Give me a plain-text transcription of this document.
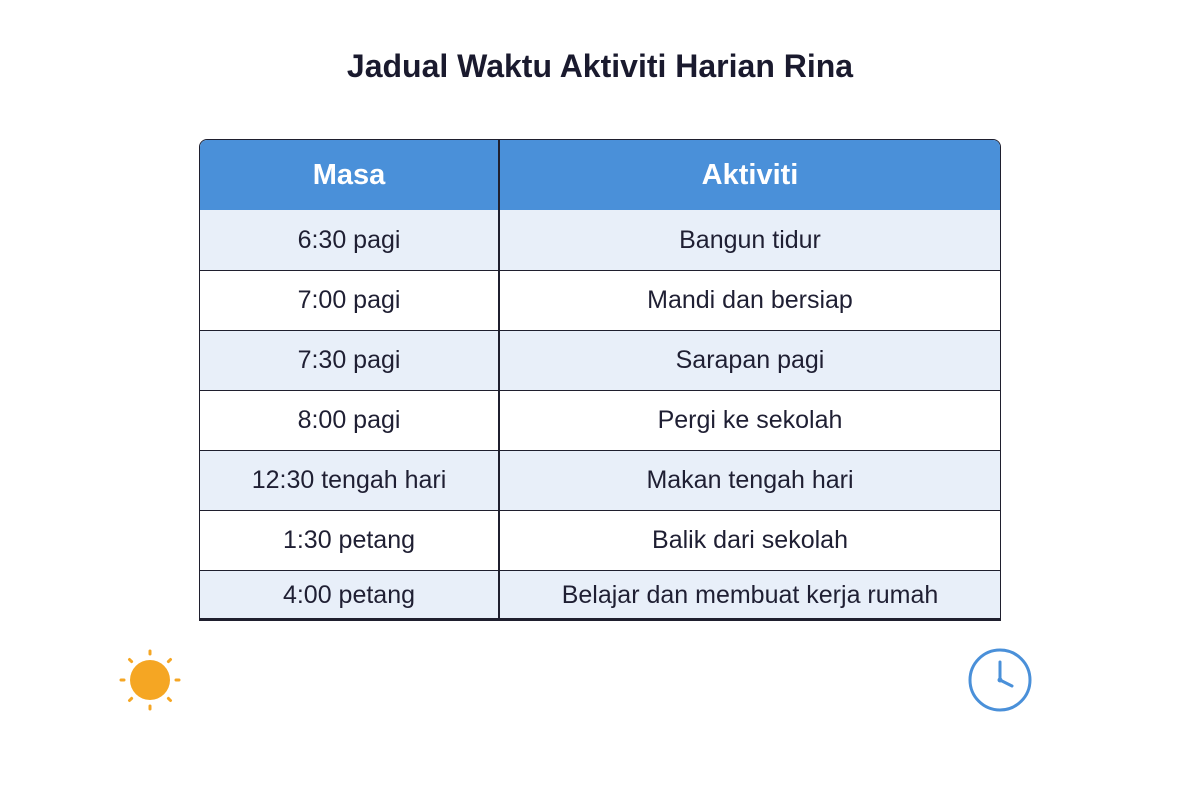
Jadual Waktu Aktiviti Harian Rina
Masa	Aktiviti
6:30 pagi	Bangun tidur
7:00 pagi	Mandi dan bersiap
7:30 pagi	Sarapan pagi
8:00 pagi	Pergi ke sekolah
12:30 tengah hari	Makan tengah hari
1:30 petang	Balik dari sekolah
4:00 petang	Belajar dan membuat kerja rumah
